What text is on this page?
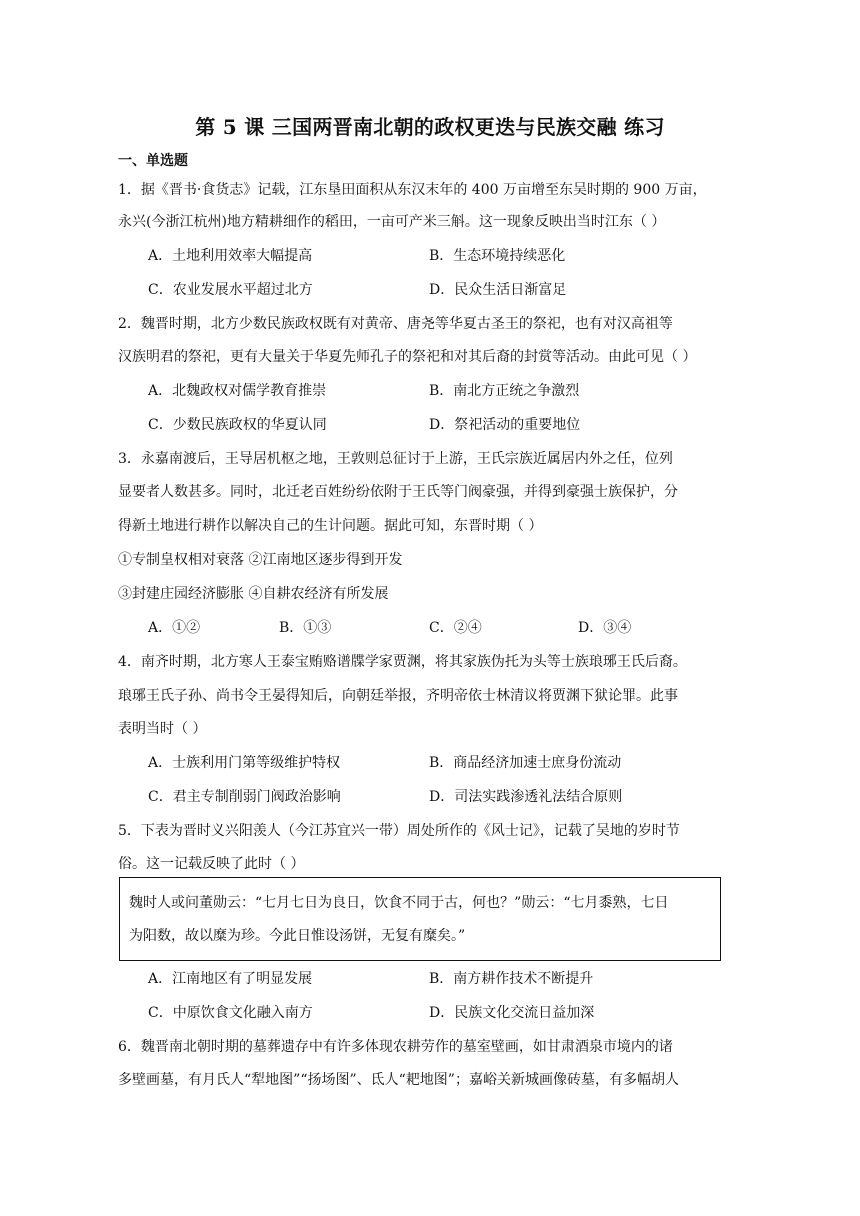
第 5 课 三国两晋南北朝的政权更迭与民族交融 练习
一、单选题
1．据《晋书·食货志》记载，江东垦田面积从东汉末年的 400 万亩增至东吴时期的 900 万亩，
永兴(今浙江杭州)地方精耕细作的稻田，一亩可产米三斛。这一现象反映出当时江东（ ）
A．土地利用效率大幅提高	B．生态环境持续恶化
C．农业发展水平超过北方	D．民众生活日渐富足
2．魏晋时期，北方少数民族政权既有对黄帝、唐尧等华夏古圣王的祭祀，也有对汉高祖等
汉族明君的祭祀，更有大量关于华夏先师孔子的祭祀和对其后裔的封赏等活动。由此可见（ ）
A．北魏政权对儒学教育推崇	B．南北方正统之争激烈
C．少数民族政权的华夏认同	D．祭祀活动的重要地位
3．永嘉南渡后，王导居机枢之地，王敦则总征讨于上游，王氏宗族近属居内外之任，位列
显要者人数甚多。同时，北迁老百姓纷纷依附于王氏等门阀豪强，并得到豪强士族保护，分
得新土地进行耕作以解决自己的生计问题。据此可知，东晋时期（ ）
①专制皇权相对衰落 ②江南地区逐步得到开发
③封建庄园经济膨胀 ④自耕农经济有所发展
A．①②	B．①③	C．②④	D．③④
4．南齐时期，北方寒人王泰宝贿赂谱牒学家贾渊，将其家族伪托为头等士族琅琊王氏后裔。
琅琊王氏子孙、尚书令王晏得知后，向朝廷举报，齐明帝依士林清议将贾渊下狱论罪。此事
表明当时（ ）
A．士族利用门第等级维护特权	B．商品经济加速士庶身份流动
C．君主专制削弱门阀政治影响	D．司法实践渗透礼法结合原则
5．下表为晋时义兴阳羡人（今江苏宜兴一带）周处所作的《风士记》，记载了吴地的岁时节
俗。这一记载反映了此时（ ）
魏时人或问董勋云：“七月七日为良日，饮食不同于古，何也？”勋云：“七月黍熟，七日
为阳数，故以糜为珍。今此日惟设汤饼，无复有糜矣。”
A．江南地区有了明显发展	B．南方耕作技术不断提升
C．中原饮食文化融入南方	D．民族文化交流日益加深
6．魏晋南北朝时期的墓葬遗存中有许多体现农耕劳作的墓室壁画，如甘肃酒泉市境内的诸
多壁画墓，有月氏人“犁地图”“扬场图”、氐人“耙地图”；嘉峪关新城画像砖墓，有多幅胡人
